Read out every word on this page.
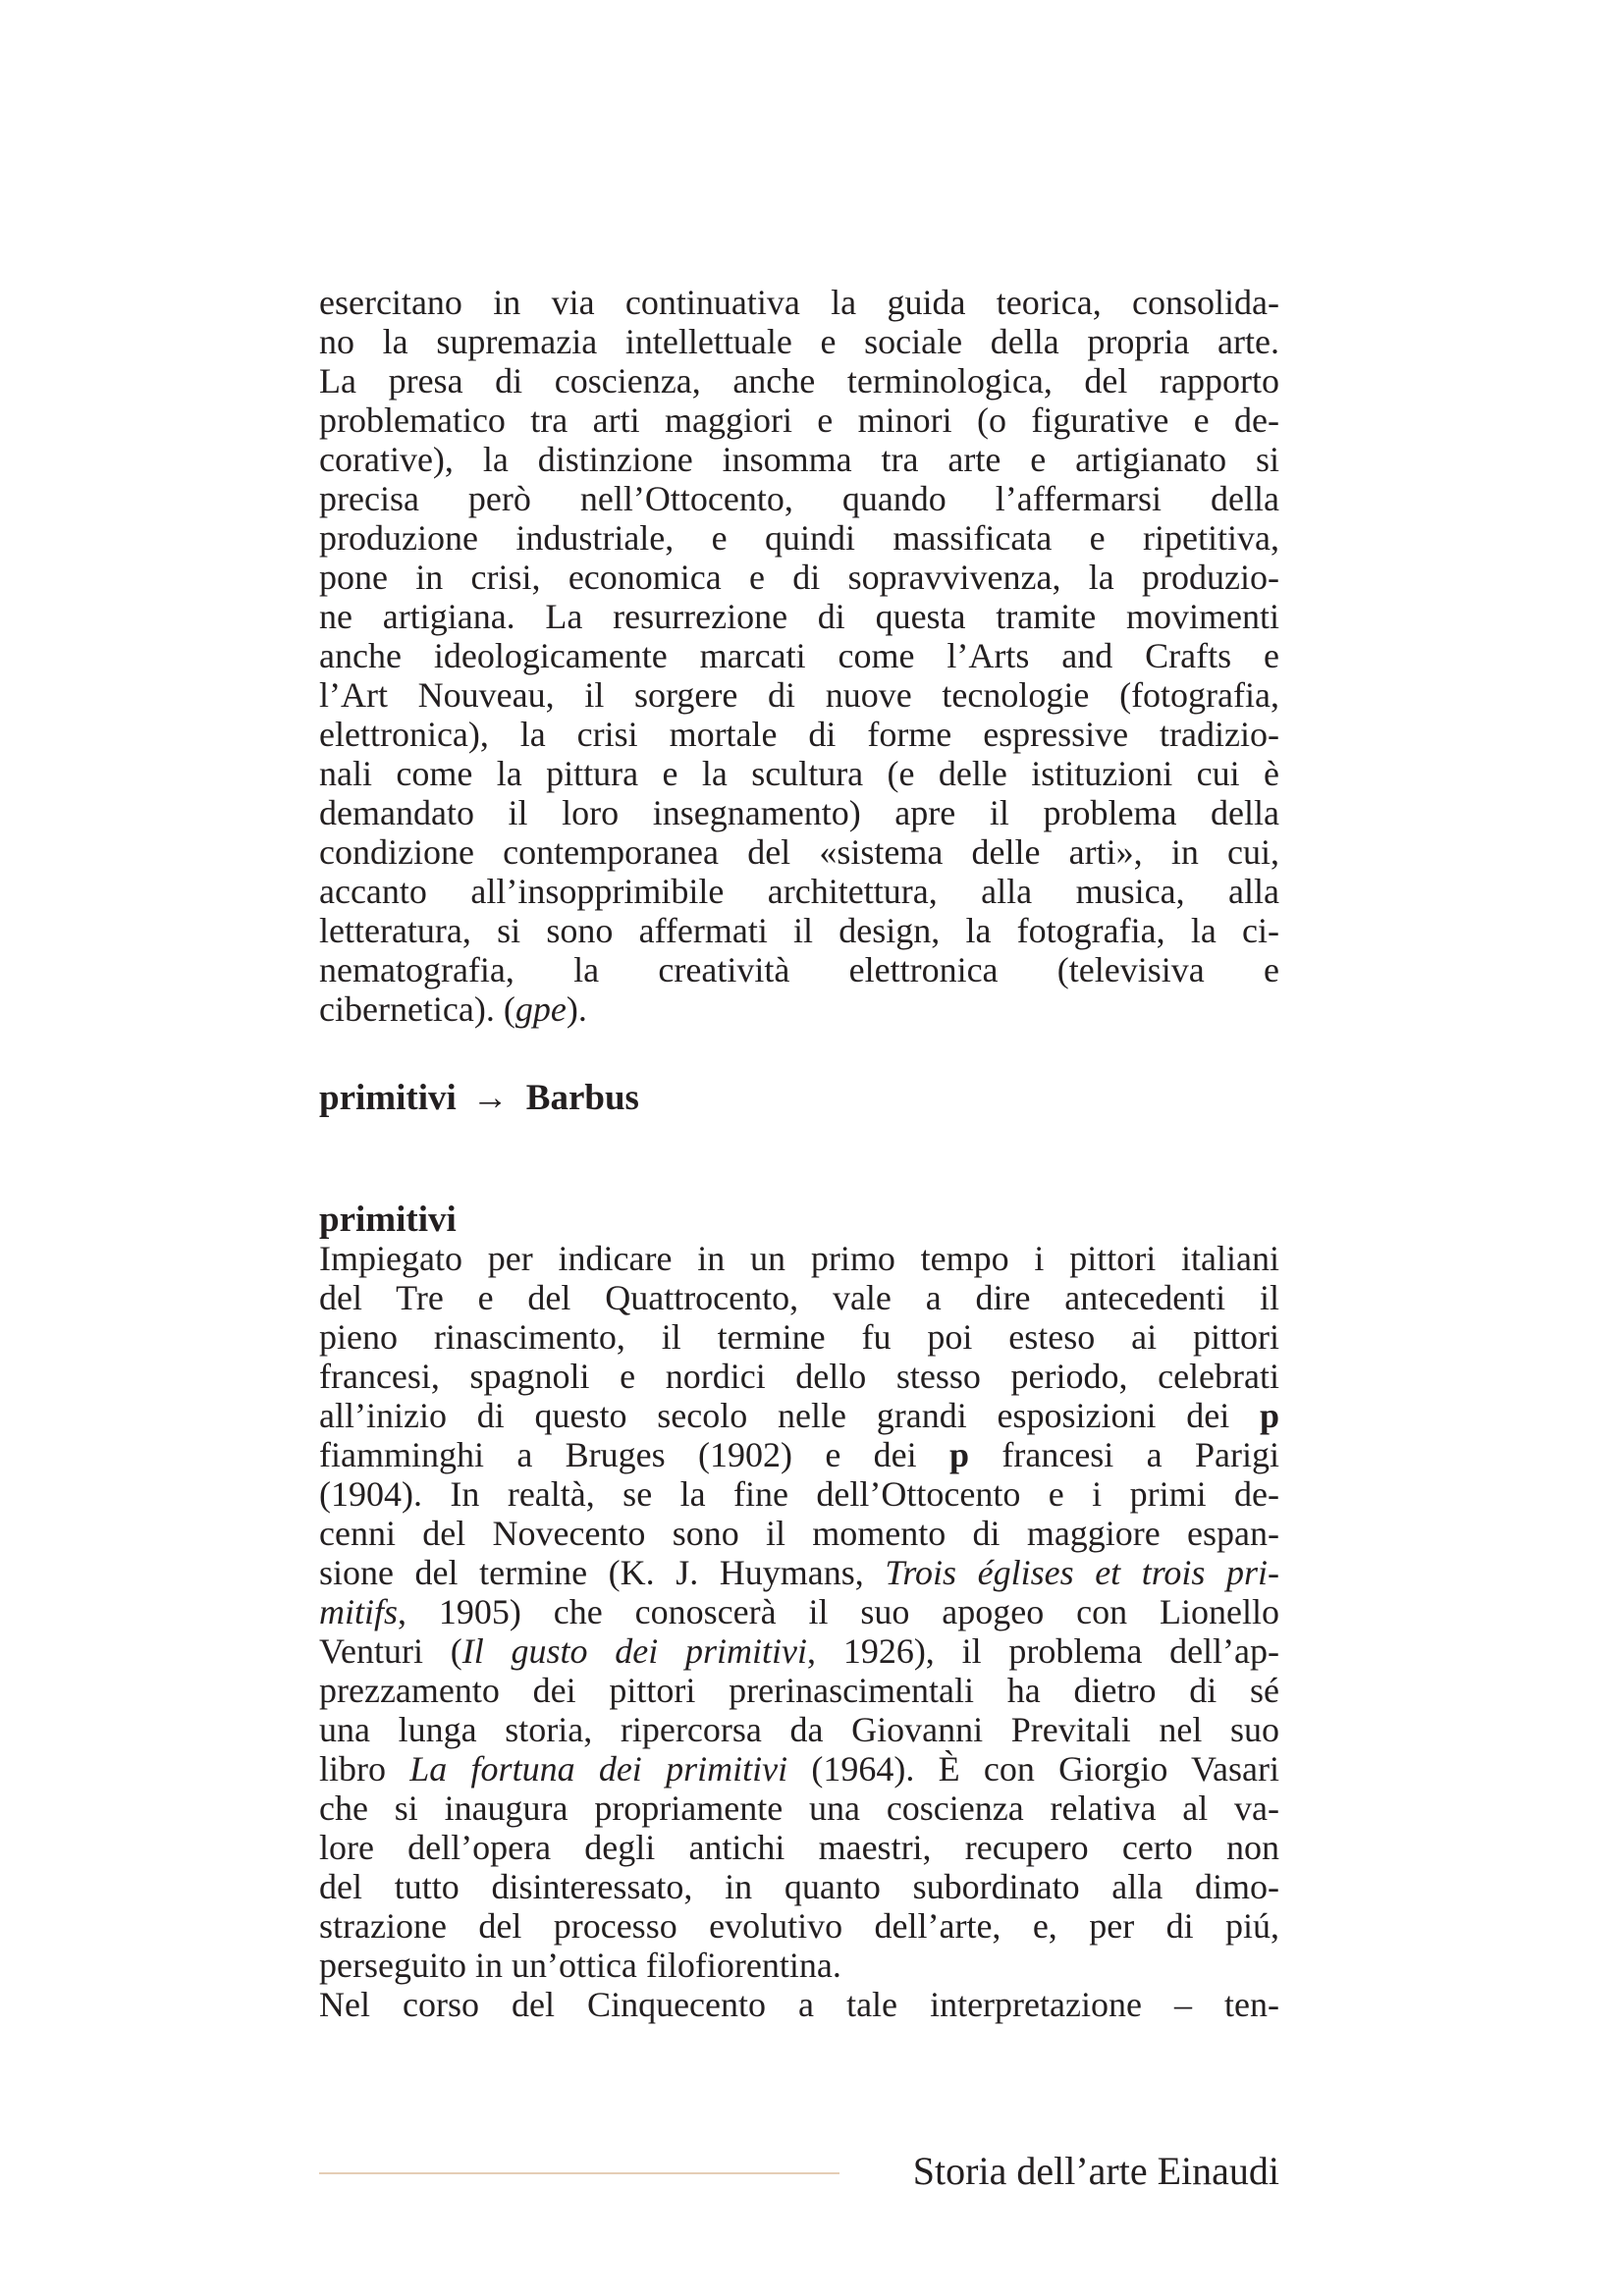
esercitano in via continuativa la guida teorica, consolida-
no la supremazia intellettuale e sociale della propria arte.
La presa di coscienza, anche terminologica, del rapporto
problematico tra arti maggiori e minori (o figurative e de-
corative), la distinzione insomma tra arte e artigianato si
precisa però nell’Ottocento, quando l’affermarsi della
produzione industriale, e quindi massificata e ripetitiva,
pone in crisi, economica e di sopravvivenza, la produzio-
ne artigiana. La resurrezione di questa tramite movimenti
anche ideologicamente marcati come l’Arts and Crafts e
l’Art Nouveau, il sorgere di nuove tecnologie (fotografia,
elettronica), la crisi mortale di forme espressive tradizio-
nali come la pittura e la scultura (e delle istituzioni cui è
demandato il loro insegnamento) apre il problema della
condizione contemporanea del «sistema delle arti», in cui,
accanto all’insopprimibile architettura, alla musica, alla
letteratura, si sono affermati il design, la fotografia, la ci-
nematografia, la creatività elettronica (televisiva e
cibernetica). (gpe).
primitivi → Barbus
primitivi
Impiegato per indicare in un primo tempo i pittori italiani
del Tre e del Quattrocento, vale a dire antecedenti il
pieno rinascimento, il termine fu poi esteso ai pittori
francesi, spagnoli e nordici dello stesso periodo, celebrati
all’inizio di questo secolo nelle grandi esposizioni dei p
fiamminghi a Bruges (1902) e dei p francesi a Parigi
(1904). In realtà, se la fine dell’Ottocento e i primi de-
cenni del Novecento sono il momento di maggiore espan-
sione del termine (K. J. Huymans, Trois églises et trois pri-
mitifs, 1905) che conoscerà il suo apogeo con Lionello
Venturi (Il gusto dei primitivi, 1926), il problema dell’ap-
prezzamento dei pittori prerinascimentali ha dietro di sé
una lunga storia, ripercorsa da Giovanni Previtali nel suo
libro La fortuna dei primitivi (1964). È con Giorgio Vasari
che si inaugura propriamente una coscienza relativa al va-
lore dell’opera degli antichi maestri, recupero certo non
del tutto disinteressato, in quanto subordinato alla dimo-
strazione del processo evolutivo dell’arte, e, per di piú,
perseguito in un’ottica filofiorentina.
Nel corso del Cinquecento a tale interpretazione – ten-
Storia dell’arte Einaudi
